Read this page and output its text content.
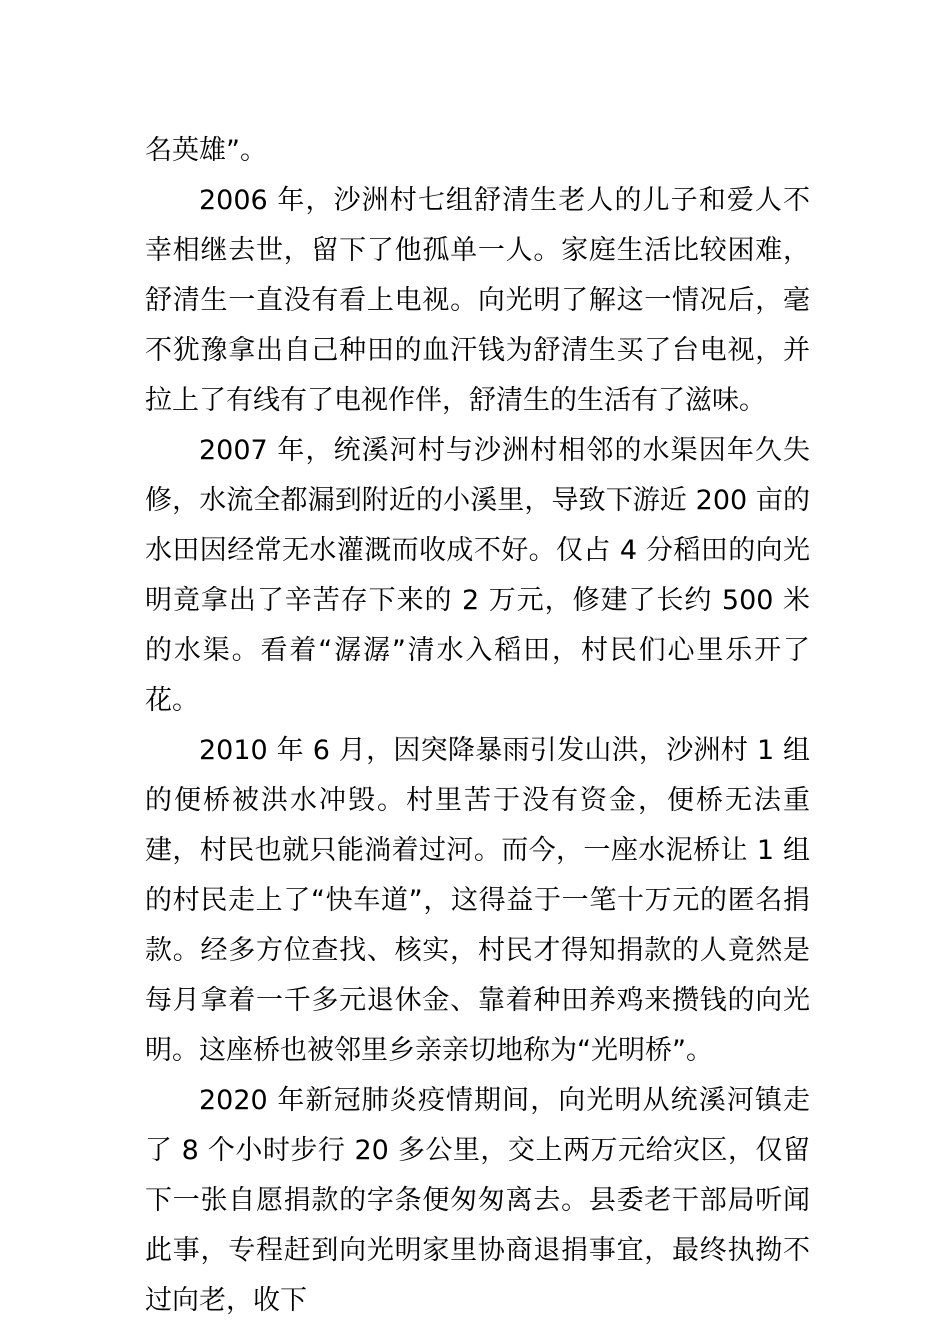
名英雄”。

2006 年，沙洲村七组舒清生老人的儿子和爱人不幸相继去世，留下了他孤单一人。家庭生活比较困难，舒清生一直没有看上电视。向光明了解这一情况后，毫不犹豫拿出自己种田的血汗钱为舒清生买了台电视，并拉上了有线有了电视作伴，舒清生的生活有了滋味。

2007 年，统溪河村与沙洲村相邻的水渠因年久失修，水流全都漏到附近的小溪里，导致下游近 200 亩的水田因经常无水灌溉而收成不好。仅占 4 分稻田的向光明竟拿出了辛苦存下来的 2 万元，修建了长约 500 米的水渠。看着“潺潺”清水入稻田，村民们心里乐开了花。

2010 年 6 月，因突降暴雨引发山洪，沙洲村 1 组的便桥被洪水冲毁。村里苦于没有资金，便桥无法重建，村民也就只能淌着过河。而今，一座水泥桥让 1 组的村民走上了“快车道”，这得益于一笔十万元的匿名捐款。经多方位查找、核实，村民才得知捐款的人竟然是每月拿着一千多元退休金、靠着种田养鸡来攒钱的向光明。这座桥也被邻里乡亲亲切地称为“光明桥”。

2020 年新冠肺炎疫情期间，向光明从统溪河镇走了 8 个小时步行 20 多公里，交上两万元给灾区，仅留下一张自愿捐款的字条便匆匆离去。县委老干部局听闻此事，专程赶到向光明家里协商退捐事宜，最终执拗不过向老，收下
